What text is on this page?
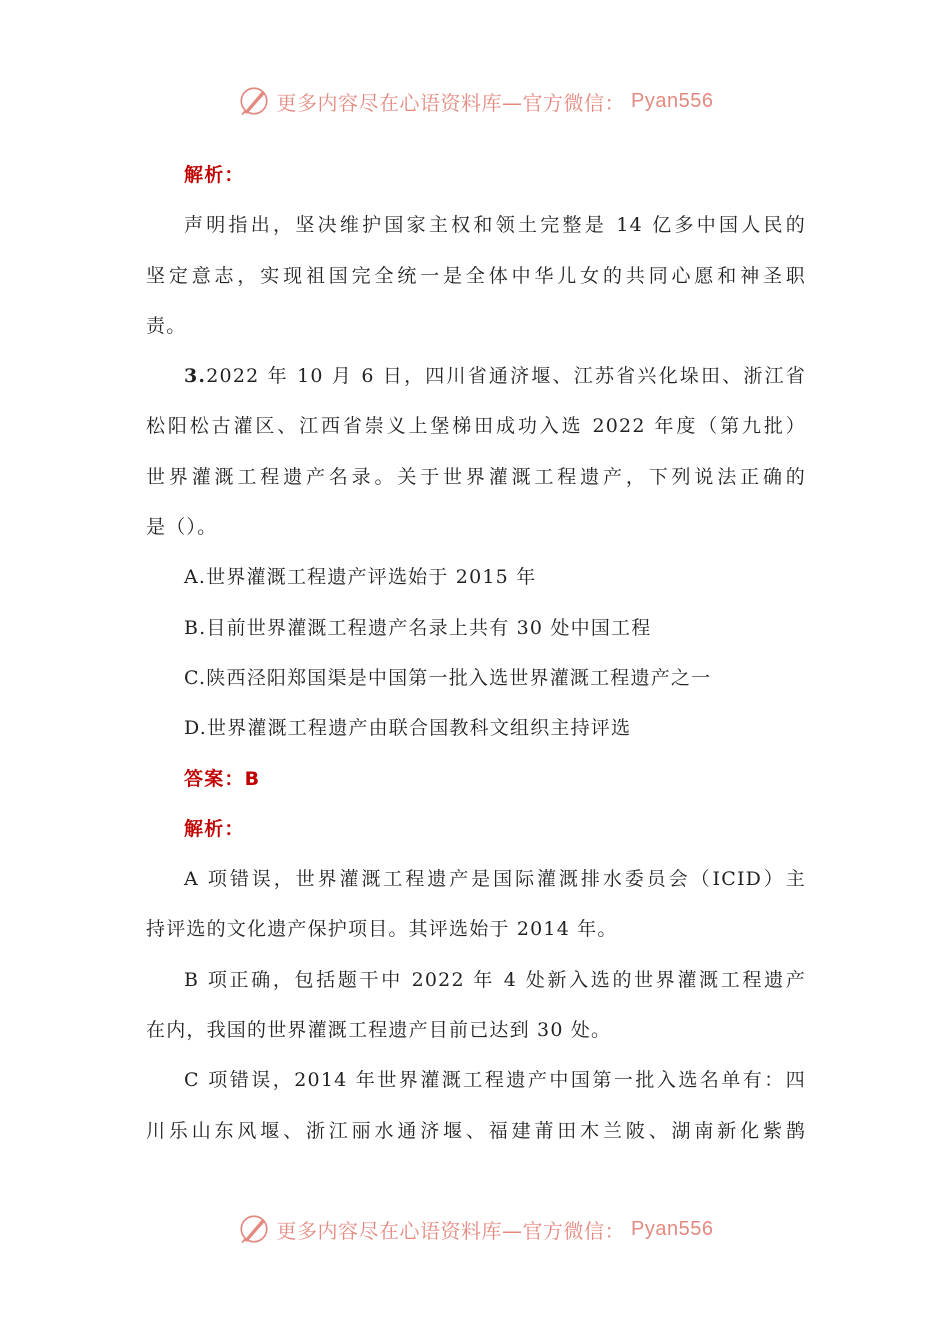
更多内容尽在心语资料库—官方微信： Pyan556
解析：
声明指出，坚决维护国家主权和领土完整是 14 亿多中国人民的
坚定意志，实现祖国完全统一是全体中华儿女的共同心愿和神圣职
责。
3.2022 年 10 月 6 日，四川省通济堰、江苏省兴化垛田、浙江省
松阳松古灌区、江西省崇义上堡梯田成功入选 2022 年度（第九批）
世界灌溉工程遗产名录。关于世界灌溉工程遗产，下列说法正确的
是（）。
A.世界灌溉工程遗产评选始于 2015 年
B.目前世界灌溉工程遗产名录上共有 30 处中国工程
C.陕西泾阳郑国渠是中国第一批入选世界灌溉工程遗产之一
D.世界灌溉工程遗产由联合国教科文组织主持评选
答案：B
解析：
A 项错误，世界灌溉工程遗产是国际灌溉排水委员会（ICID）主
持评选的文化遗产保护项目。其评选始于 2014 年。
B 项正确，包括题干中 2022 年 4 处新入选的世界灌溉工程遗产
在内，我国的世界灌溉工程遗产目前已达到 30 处。
C 项错误，2014 年世界灌溉工程遗产中国第一批入选名单有：四
川乐山东风堰、浙江丽水通济堰、福建莆田木兰陂、湖南新化紫鹊
更多内容尽在心语资料库—官方微信： Pyan556
